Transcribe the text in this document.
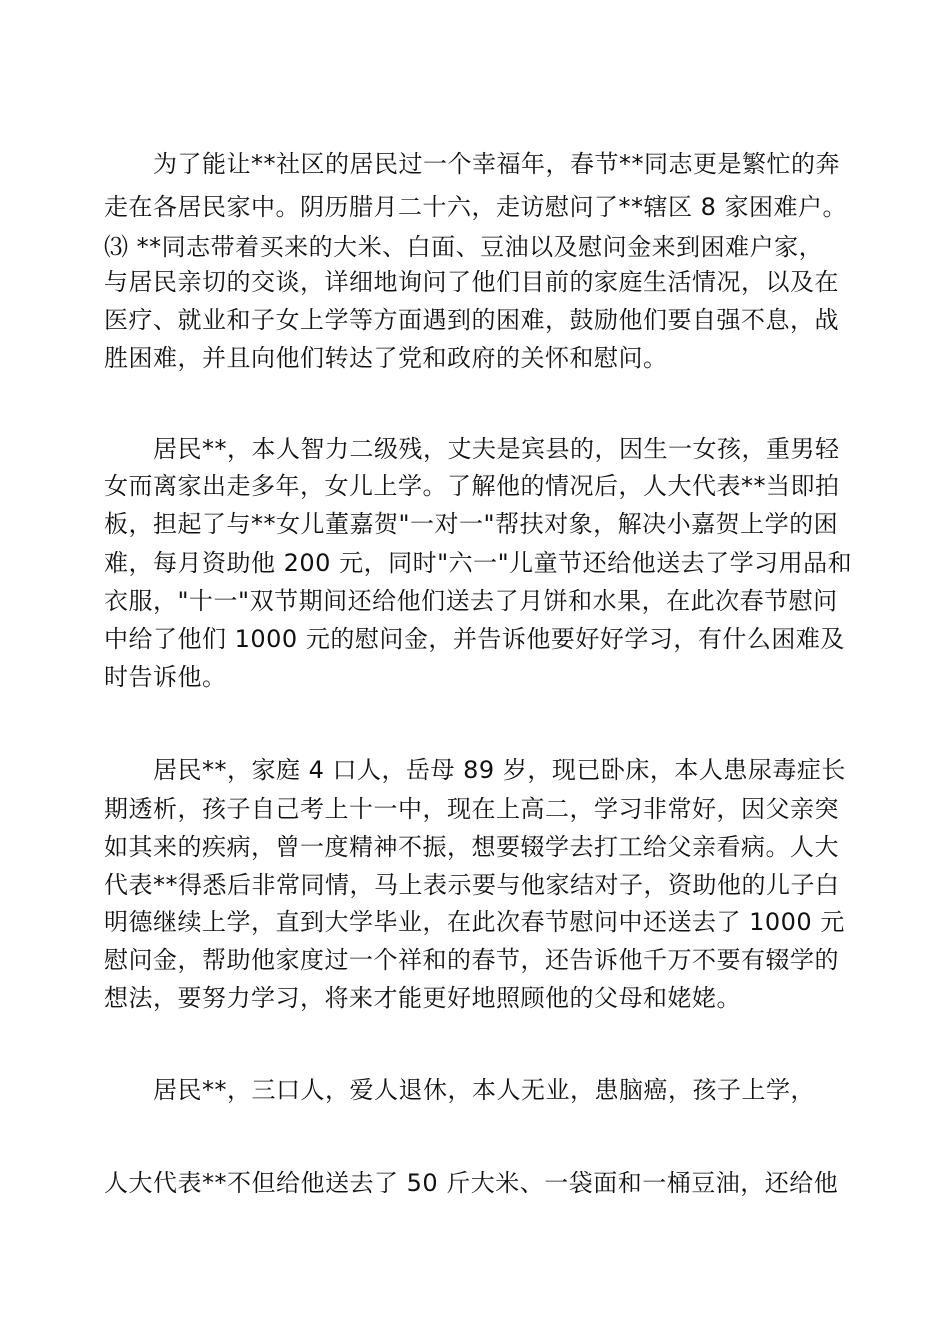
　　为了能让**社区的居民过一个幸福年，春节**同志更是繁忙的奔
走在各居民家中。阴历腊月二十六，走访慰问了**辖区 8 家困难户。
⑶ **同志带着买来的大米、白面、豆油以及慰问金来到困难户家，
与居民亲切的交谈，详细地询问了他们目前的家庭生活情况，以及在
医疗、就业和子女上学等方面遇到的困难，鼓励他们要自强不息，战
胜困难，并且向他们转达了党和政府的关怀和慰问。
　　居民**，本人智力二级残，丈夫是宾县的，因生一女孩，重男轻
女而离家出走多年，女儿上学。了解他的情况后，人大代表**当即拍
板，担起了与**女儿董嘉贺"一对一"帮扶对象，解决小嘉贺上学的困
难，每月资助他 200 元，同时"六一"儿童节还给他送去了学习用品和
衣服，"十一"双节期间还给他们送去了月饼和水果，在此次春节慰问
中给了他们 1000 元的慰问金，并告诉他要好好学习，有什么困难及
时告诉他。
　　居民**，家庭 4 口人，岳母 89 岁，现已卧床，本人患尿毒症长
期透析，孩子自己考上十一中，现在上高二，学习非常好，因父亲突
如其来的疾病，曾一度精神不振，想要辍学去打工给父亲看病。人大
代表**得悉后非常同情，马上表示要与他家结对子，资助他的儿子白
明德继续上学，直到大学毕业，在此次春节慰问中还送去了 1000 元
慰问金，帮助他家度过一个祥和的春节，还告诉他千万不要有辍学的
想法，要努力学习，将来才能更好地照顾他的父母和姥姥。
　　居民**，三口人，爱人退休，本人无业，患脑癌，孩子上学，
人大代表**不但给他送去了 50 斤大米、一袋面和一桶豆油，还给他
